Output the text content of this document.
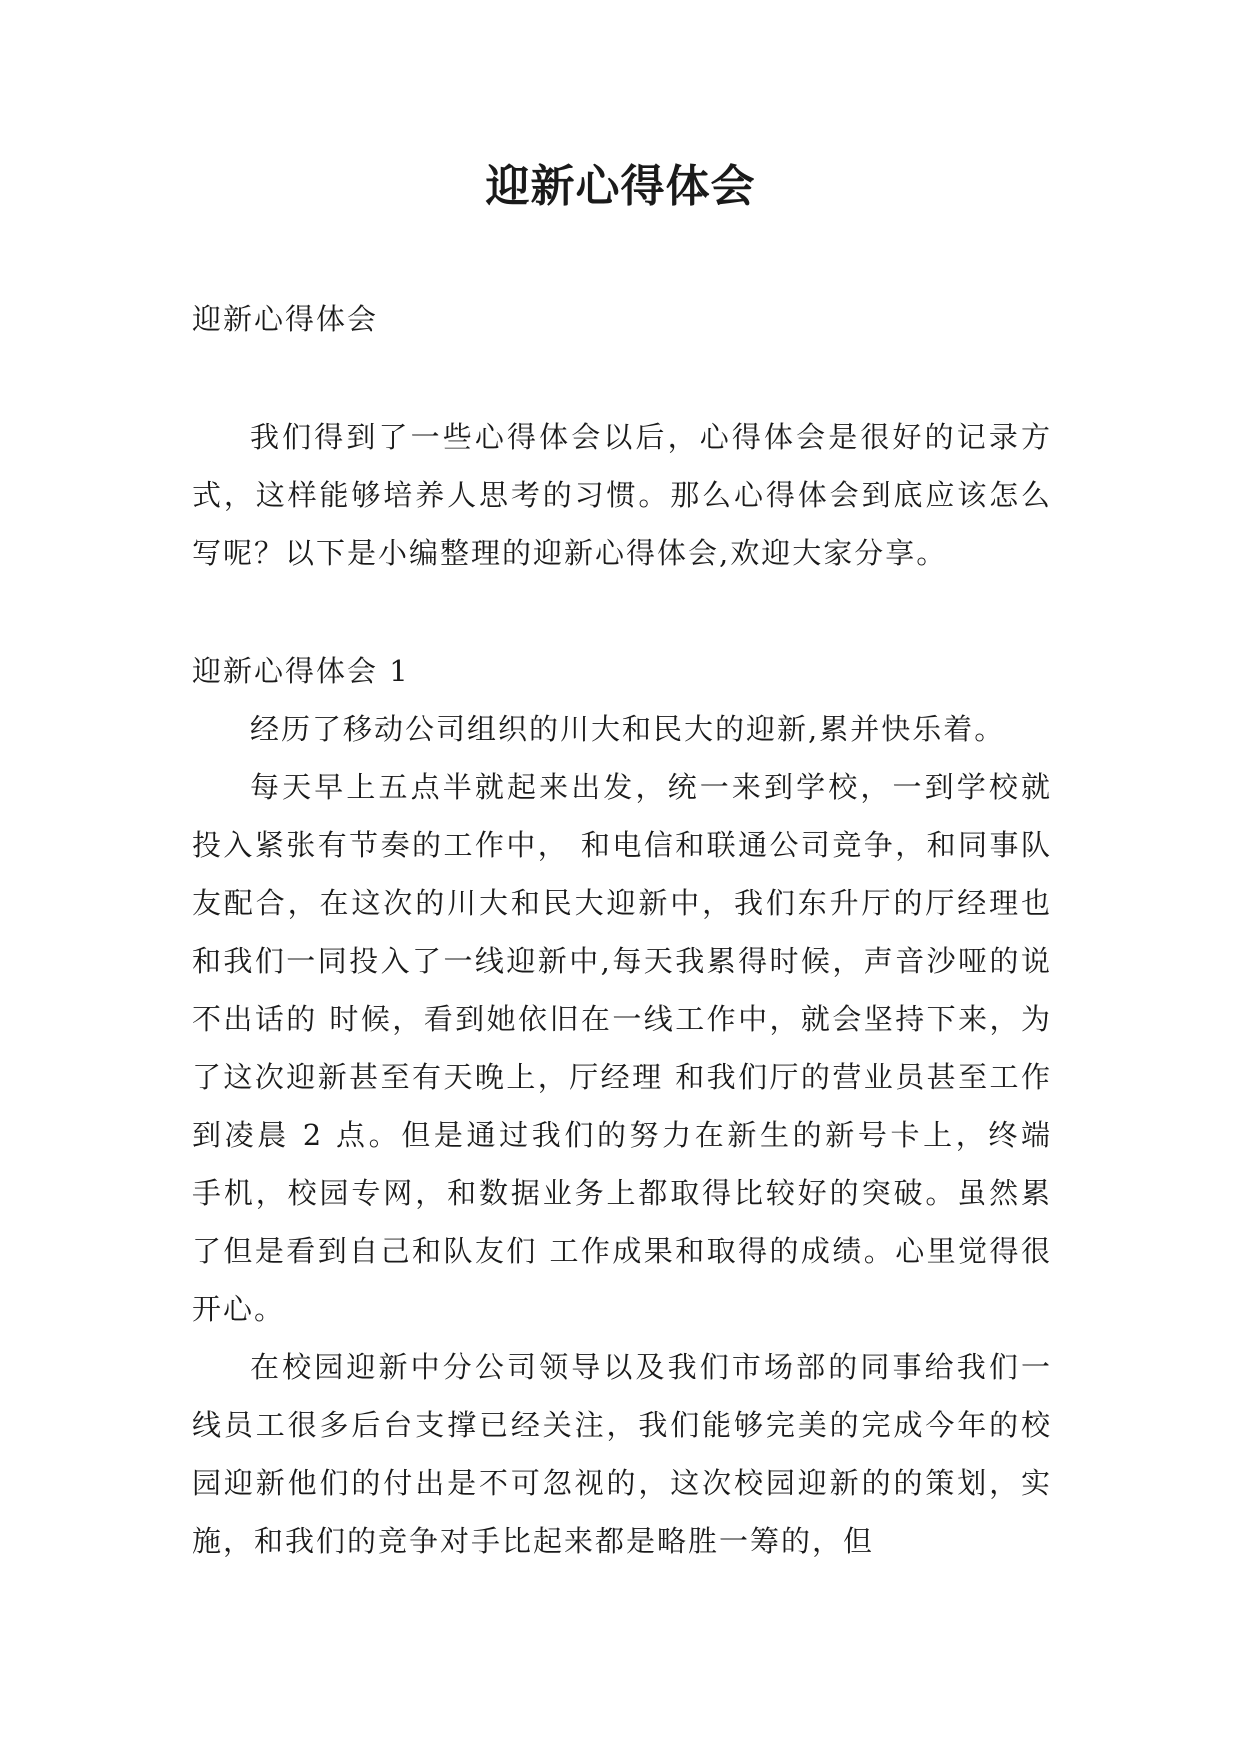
迎新心得体会

迎新心得体会

我们得到了一些心得体会以后，心得体会是很好的记录方式，这样能够培养人思考的习惯。那么心得体会到底应该怎么写呢？以下是小编整理的迎新心得体会,欢迎大家分享。

迎新心得体会 1

经历了移动公司组织的川大和民大的迎新,累并快乐着。

每天早上五点半就起来出发，统一来到学校，一到学校就投入紧张有节奏的工作中， 和电信和联通公司竞争，和同事队友配合，在这次的川大和民大迎新中，我们东升厅的厅经理也和我们一同投入了一线迎新中,每天我累得时候，声音沙哑的说不出话的 时候，看到她依旧在一线工作中，就会坚持下来，为了这次迎新甚至有天晚上，厅经理 和我们厅的营业员甚至工作到凌晨 2 点。但是通过我们的努力在新生的新号卡上，终端 手机，校园专网，和数据业务上都取得比较好的突破。虽然累了但是看到自己和队友们 工作成果和取得的成绩。心里觉得很开心。

在校园迎新中分公司领导以及我们市场部的同事给我们一线员工很多后台支撑已经关注，我们能够完美的完成今年的校园迎新他们的付出是不可忽视的，这次校园迎新的的策划，实施，和我们的竞争对手比起来都是略胜一筹的，但
